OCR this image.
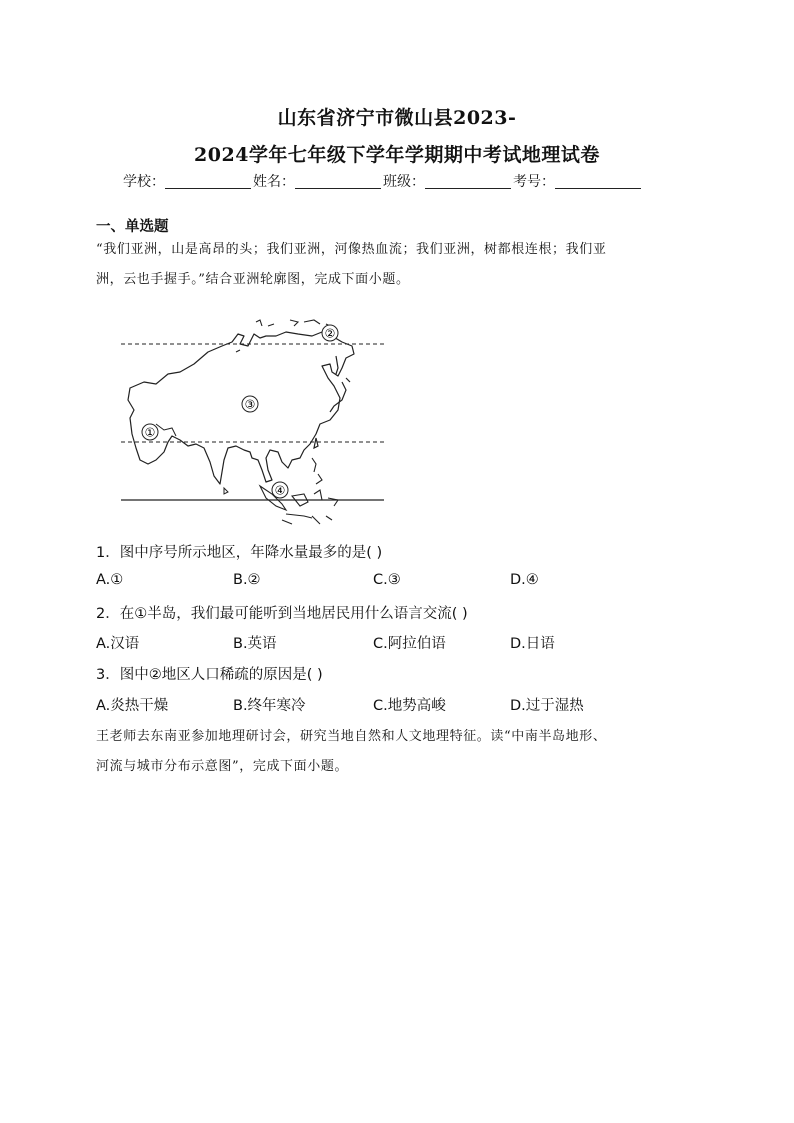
山东省济宁市微山县2023-
2024学年七年级下学年学期期中考试地理试卷
学校：	姓名：	班级：	考号：
一、单选题
“我们亚洲，山是高昂的头；我们亚洲，河像热血流；我们亚洲，树都根连根；我们亚
洲，云也手握手。”结合亚洲轮廓图，完成下面小题。
①
②
③
④
1．图中序号所示地区，年降水量最多的是( )
A.①	B.②	C.③	D.④
2．在①半岛，我们最可能听到当地居民用什么语言交流( )
A.汉语	B.英语	C.阿拉伯语	D.日语
3．图中②地区人口稀疏的原因是( )
A.炎热干燥	B.终年寒冷	C.地势高峻	D.过于湿热
王老师去东南亚参加地理研讨会，研究当地自然和人文地理特征。读“中南半岛地形、
河流与城市分布示意图”，完成下面小题。
